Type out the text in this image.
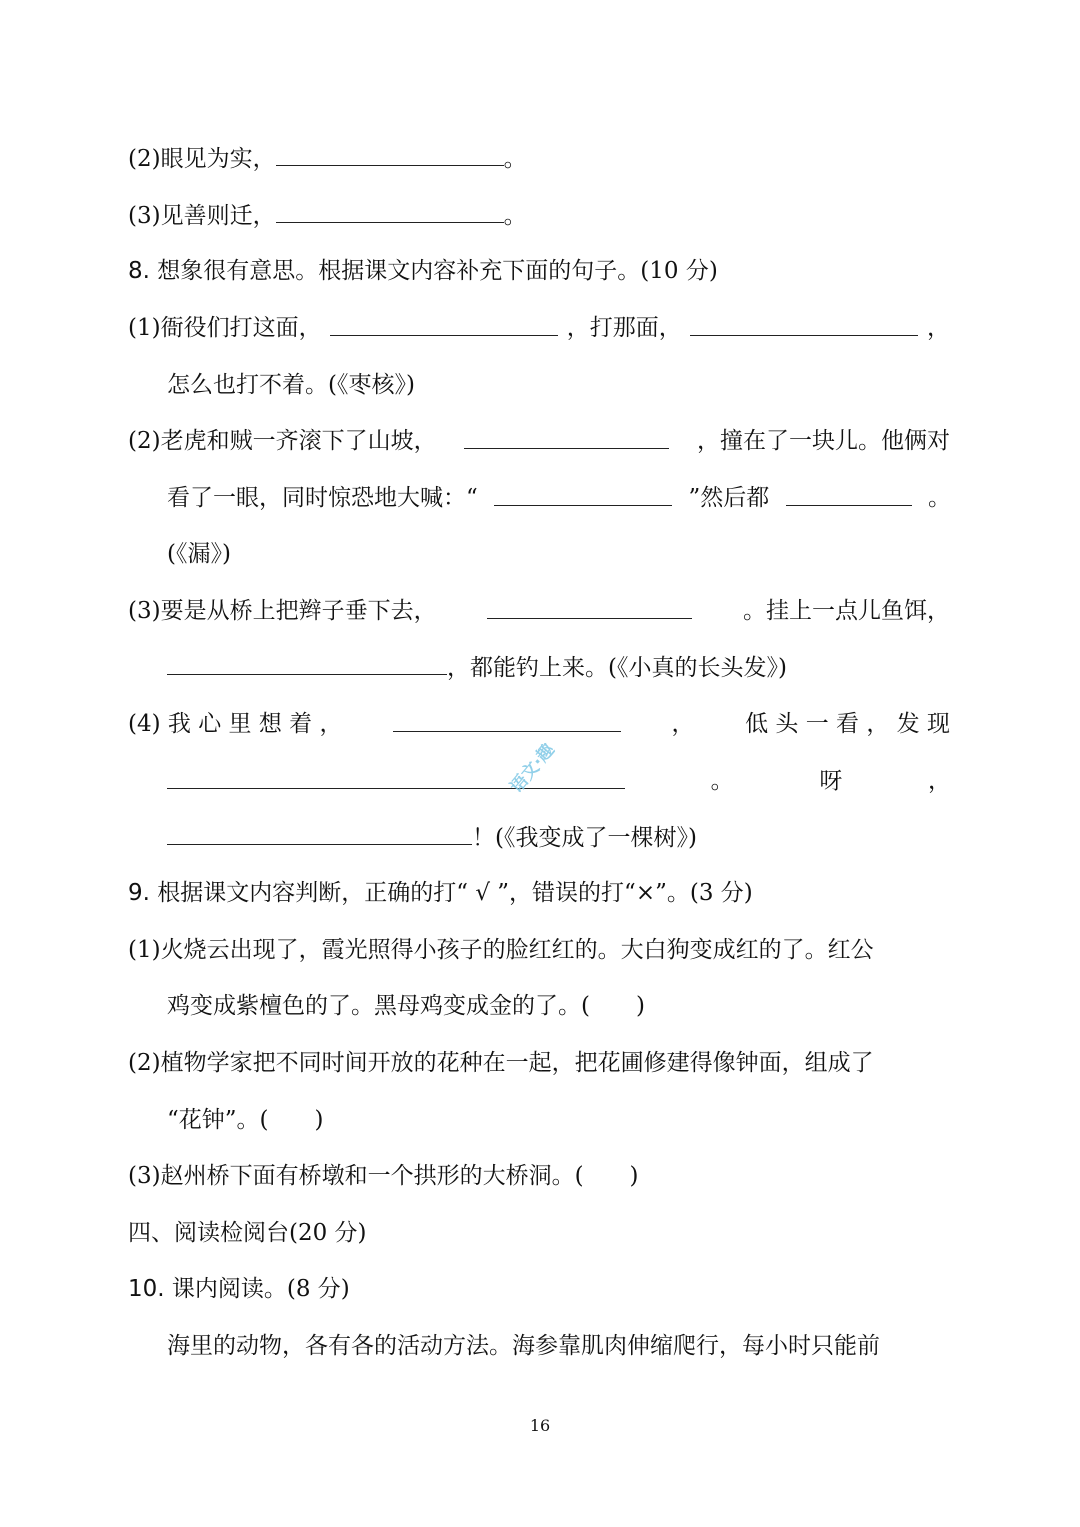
(2)眼见为实，	。
(3)见善则迁，	。
8. 想象很有意思。根据课文内容补充下面的句子。(10 分)
(1)衙役们打这面，	，打那面，	，
怎么也打不着。(《枣核》)
(2)老虎和贼一齐滚下了山坡，	，撞在了一块儿。他俩对
看了一眼，同时惊恐地大喊：“	”然后都	。
(《漏》)
(3)要是从桥上把辫子垂下去，	。挂上一点儿鱼饵，
，都能钓上来。(《小真的长头发》)
(4) 我 心 里 想 着 ，	， 低 头 一 看 ， 发 现
。	呀	，
！(《我变成了一棵树》)
9. 根据课文内容判断，正确的打“ √ ”，错误的打“×”。(3 分)
(1)火烧云出现了，霞光照得小孩子的脸红红的。大白狗变成红的了。红公
鸡变成紫檀色的了。黑母鸡变成金的了。(　　)
(2)植物学家把不同时间开放的花种在一起，把花圃修建得像钟面，组成了
“花钟”。(　　)
(3)赵州桥下面有桥墩和一个拱形的大桥洞。(　　)
四、阅读检阅台(20 分)
10. 课内阅读。(8 分)
海里的动物，各有各的活动方法。海参靠肌肉伸缩爬行，每小时只能前
语文·趣
16
